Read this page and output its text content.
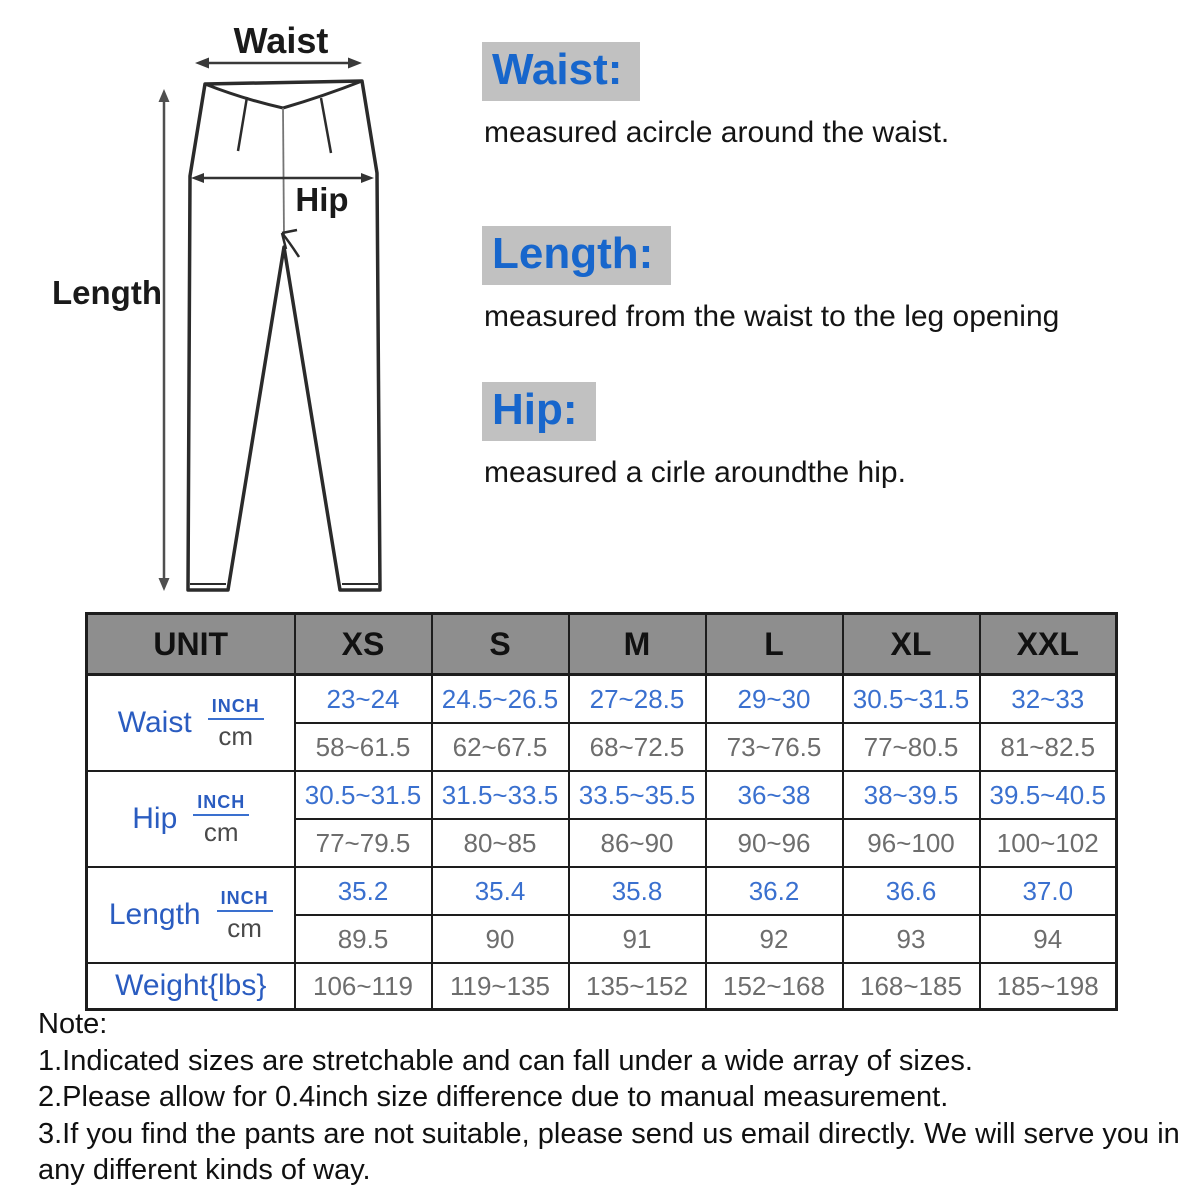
Waist
Length
Hip
Waist:

measured acircle around the waist.

Length:

measured from the waist to the leg opening

Hip:

measured a cirle aroundthe hip.

UNIT	XS	S	M	L	XL	XXL

Waist $\frac{\text{INCH}}{cm}$	23~24	24.5~26.5	27~28.5	29~30	30.5~31.5	32~33
	58~61.5	62~67.5	68~72.5	73~76.5	77~80.5	81~82.5

Hip $\frac{\text{INCH}}{cm}$	30.5~31.5	31.5~33.5	33.5~35.5	36~38	38~39.5	39.5~40.5
	77~79.5	80~85	86~90	90~96	96~100	100~102

Length $\frac{\text{INCH}}{cm}$	35.2	35.4	35.8	36.2	36.6	37.0
	89.5	90	91	92	93	94
Weight{lbs}	106~119	119~135	135~152	152~168	168~185	185~198

Note:

1.Indicated sizes are stretchable and can fall under a wide array of sizes.

2.Please allow for 0.4inch size difference due to manual measurement.

3.If you find the pants are not suitable, please send us email directly. We will serve you in any different kinds of way.
